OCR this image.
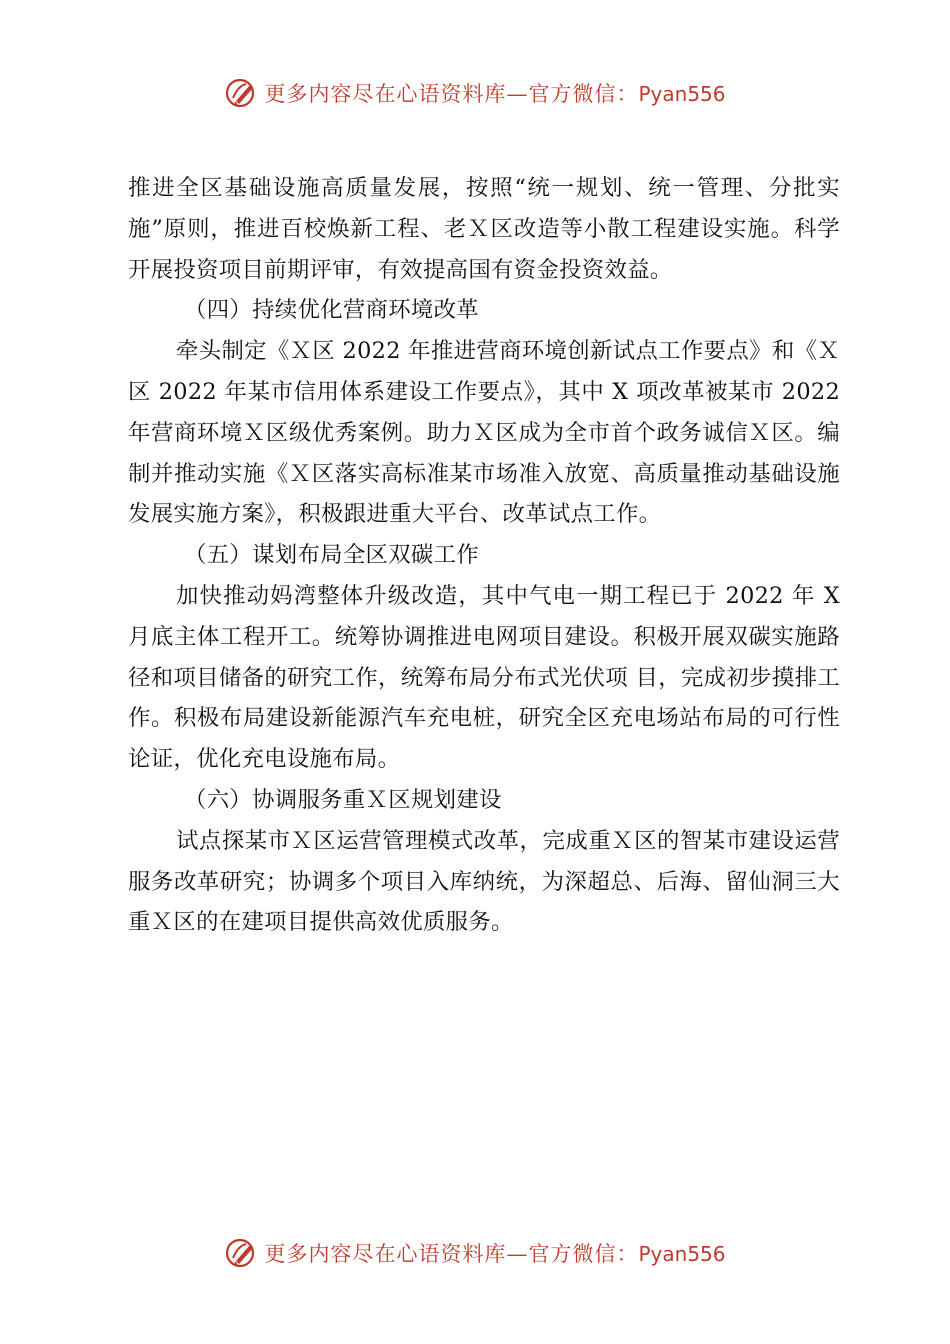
更多内容尽在心语资料库—官方微信：Pyan556

推进全区基础设施高质量发展，按照“统一规划、统一管理、分批实施”原则，推进百校焕新工程、老Ｘ区改造等小散工程建设实施。科学开展投资项目前期评审，有效提高国有资金投资效益。

（四）持续优化营商环境改革

牵头制定《Ｘ区 2022 年推进营商环境创新试点工作要点》和《Ｘ区 2022 年某市信用体系建设工作要点》，其中 X 项改革被某市 2022 年营商环境Ｘ区级优秀案例。助力Ｘ区成为全市首个政务诚信Ｘ区。编制并推动实施《Ｘ区落实高标准某市场准入放宽、高质量推动基础设施发展实施方案》，积极跟进重大平台、改革试点工作。

（五）谋划布局全区双碳工作

加快推动妈湾整体升级改造，其中气电一期工程已于 2022 年 X 月底主体工程开工。统筹协调推进电网项目建设。积极开展双碳实施路径和项目储备的研究工作，统筹布局分布式光伏项 目，完成初步摸排工作。积极布局建设新能源汽车充电桩，研究全区充电场站布局的可行性论证，优化充电设施布局。

（六）协调服务重Ｘ区规划建设

试点探某市Ｘ区运营管理模式改革，完成重Ｘ区的智某市建设运营服务改革研究；协调多个项目入库纳统，为深超总、后海、留仙洞三大重Ｘ区的在建项目提供高效优质服务。

更多内容尽在心语资料库—官方微信：Pyan556
